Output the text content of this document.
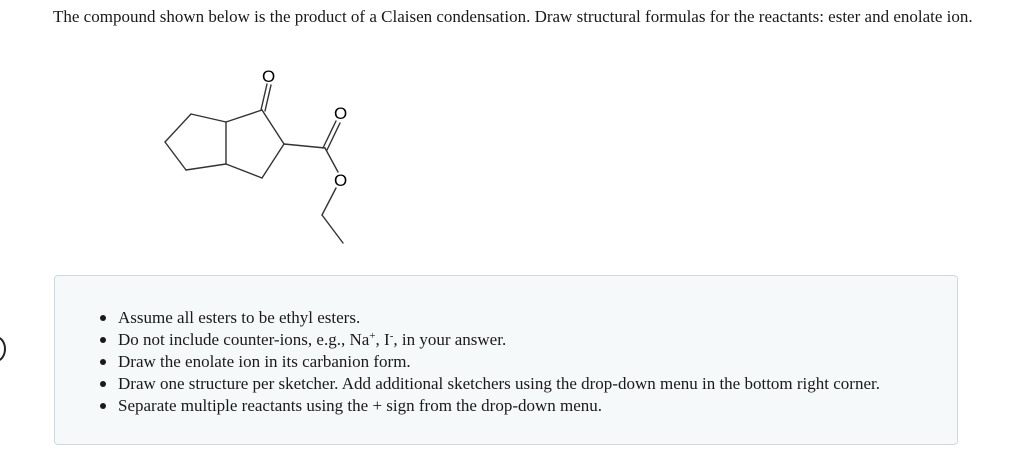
The compound shown below is the product of a Claisen condensation. Draw structural formulas for the reactants: ester and enolate ion.
O
O
O
Assume all esters to be ethyl esters.
Do not include counter-ions, e.g., Na+, I-, in your answer.
Draw the enolate ion in its carbanion form.
Draw one structure per sketcher. Add additional sketchers using the drop-down menu in the bottom right corner.
Separate multiple reactants using the + sign from the drop-down menu.
